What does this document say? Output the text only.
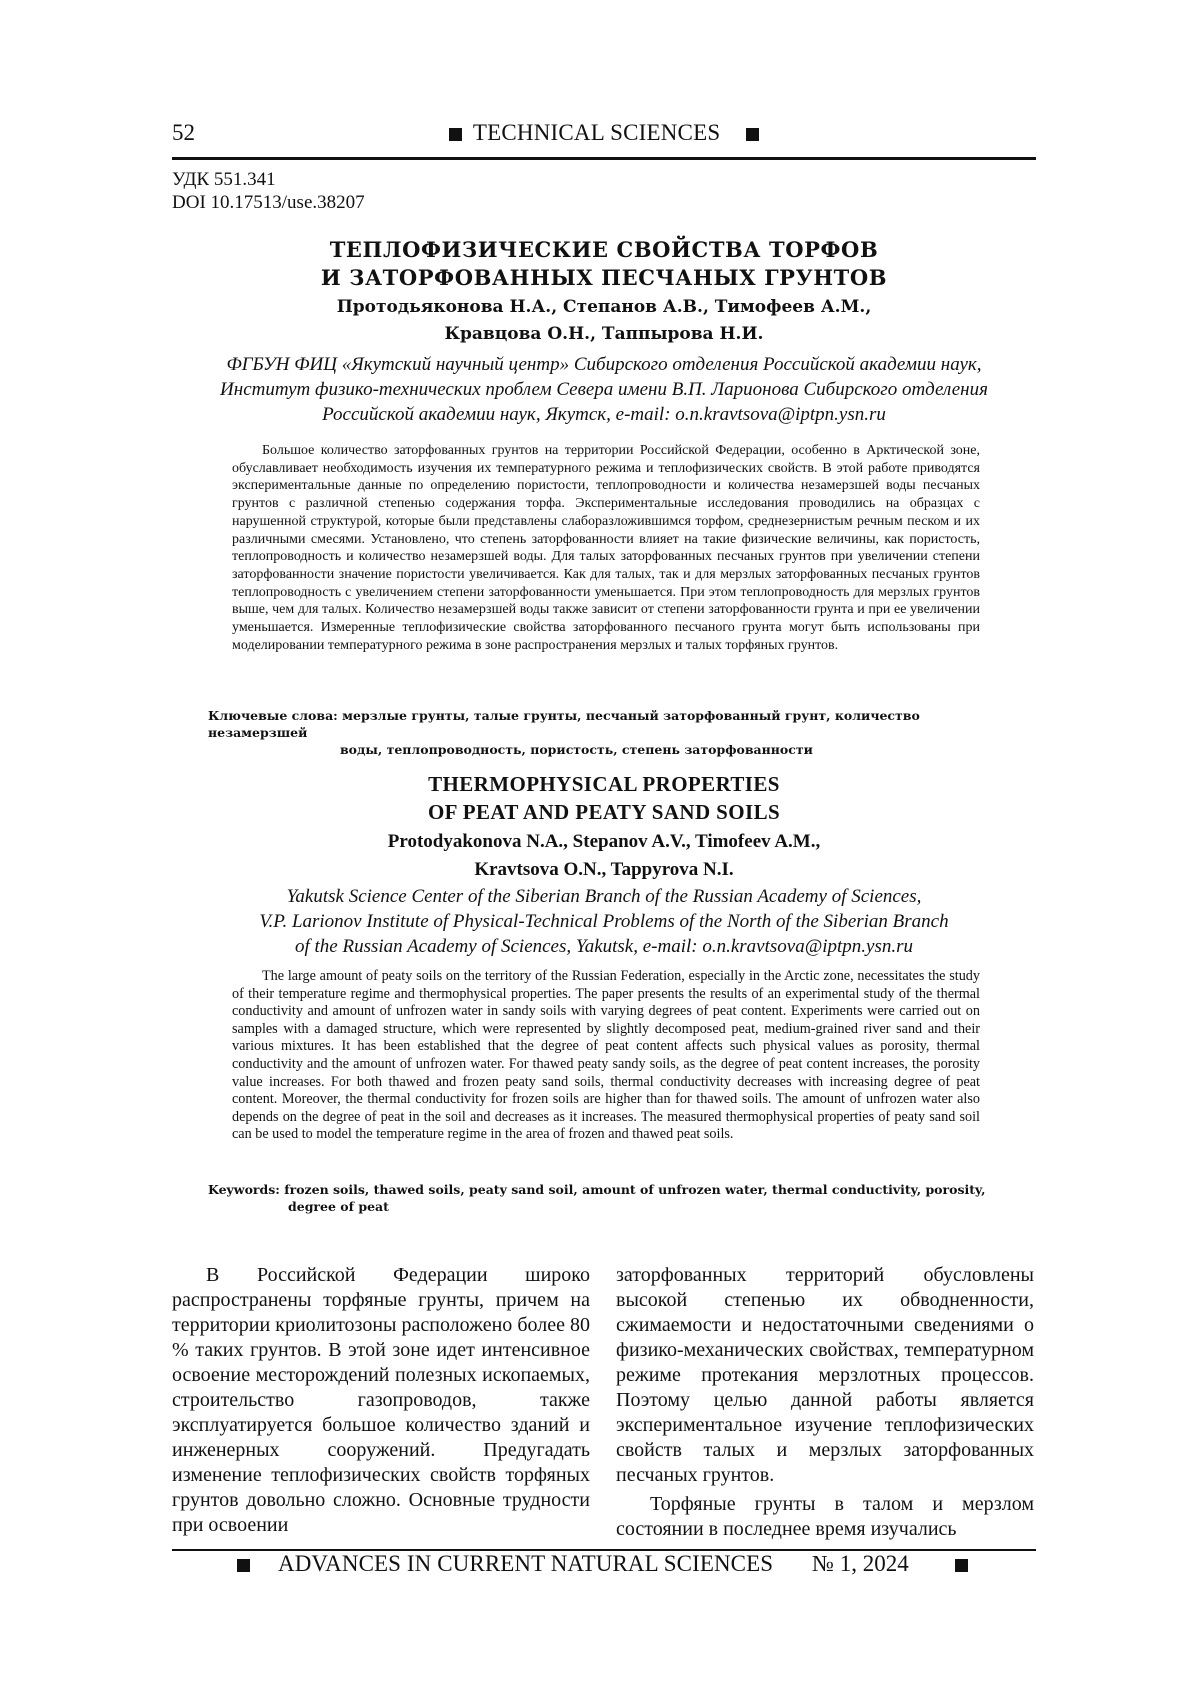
52	TECHNICAL SCIENCES
УДК 551.341
DOI 10.17513/use.38207
ТЕПЛОФИЗИЧЕСКИЕ СВОЙСТВА ТОРФОВ
И ЗАТОРФОВАННЫХ ПЕСЧАНЫХ ГРУНТОВ
Протодьяконова Н.А., Степанов А.В., Тимофеев А.М.,
Кравцова О.Н., Таппырова Н.И.
ФГБУН ФИЦ «Якутский научный центр» Сибирского отделения Российской академии наук,
Институт физико-технических проблем Севера имени В.П. Ларионова Сибирского отделения
Российской академии наук, Якутск, e-mail: o.n.kravtsova@iptpn.ysn.ru
Большое количество заторфованных грунтов на территории Российской Федерации, особенно в Арктической зоне, обуславливает необходимость изучения их температурного режима и теплофизических свойств. В этой работе приводятся экспериментальные данные по определению пористости, теплопроводности и количества незамерзшей воды песчаных грунтов с различной степенью содержания торфа. Экспериментальные исследования проводились на образцах с нарушенной структурой, которые были представлены слаборазложившимся торфом, среднезернистым речным песком и их различными смесями. Установлено, что степень заторфованности влияет на такие физические величины, как пористость, теплопроводность и количество незамерзшей воды. Для талых заторфованных песчаных грунтов при увеличении степени заторфованности значение пористости увеличивается. Как для талых, так и для мерзлых заторфованных песчаных грунтов теплопроводность с увеличением степени заторфованности уменьшается. При этом теплопроводность для мерзлых грунтов выше, чем для талых. Количество незамерзшей воды также зависит от степени заторфованности грунта и при ее увеличении уменьшается. Измеренные теплофизические свойства заторфованного песчаного грунта могут быть использованы при моделировании температурного режима в зоне распространения мерзлых и талых торфяных грунтов.
Ключевые слова: мерзлые грунты, талые грунты, песчаный заторфованный грунт, количество незамерзшей
воды, теплопроводность, пористость, степень заторфованности
THERMOPHYSICAL PROPERTIES
OF PEAT AND PEATY SAND SOILS
Protodyakonova N.A., Stepanov A.V., Timofeev A.M.,
Kravtsova O.N., Tappyrova N.I.
Yakutsk Science Center of the Siberian Branch of the Russian Academy of Sciences,
V.P. Larionov Institute of Physical-Technical Problems of the North of the Siberian Branch
of the Russian Academy of Sciences, Yakutsk, e-mail: o.n.kravtsova@iptpn.ysn.ru
The large amount of peaty soils on the territory of the Russian Federation, especially in the Arctic zone, necessitates the study of their temperature regime and thermophysical properties. The paper presents the results of an experimental study of the thermal conductivity and amount of unfrozen water in sandy soils with varying degrees of peat content. Experiments were carried out on samples with a damaged structure, which were represented by slightly decomposed peat, medium-grained river sand and their various mixtures. It has been established that the degree of peat content affects such physical values as porosity, thermal conductivity and the amount of unfrozen water. For thawed peaty sandy soils, as the degree of peat content increases, the porosity value increases. For both thawed and frozen peaty sand soils, thermal conductivity decreases with increasing degree of peat content. Moreover, the thermal conductivity for frozen soils are higher than for thawed soils. The amount of unfrozen water also depends on the degree of peat in the soil and decreases as it increases. The measured thermophysical properties of peaty sand soil can be used to model the temperature regime in the area of frozen and thawed peat soils.
Keywords: frozen soils, thawed soils, peaty sand soil, amount of unfrozen water, thermal conductivity, porosity,
degree of peat

В Российской Федерации широко распространены торфяные грунты, причем на территории криолитозоны расположено более 80 % таких грунтов. В этой зоне идет интенсивное освоение месторождений полезных ископаемых, строительство газопроводов, также эксплуатируется большое количество зданий и инженерных сооружений. Предугадать изменение теплофизических свойств торфяных грунтов довольно сложно. Основные трудности при освоении

заторфованных территорий обусловлены высокой степенью их обводненности, сжимаемости и недостаточными сведениями о физико-механических свойствах, температурном режиме протекания мерзлотных процессов. Поэтому целью данной работы является экспериментальное изучение теплофизических свойств талых и мерзлых заторфованных песчаных грунтов.

Торфяные грунты в талом и мерзлом состоянии в последнее время изучались

ADVANCES IN CURRENT NATURAL SCIENCES № 1, 2024
